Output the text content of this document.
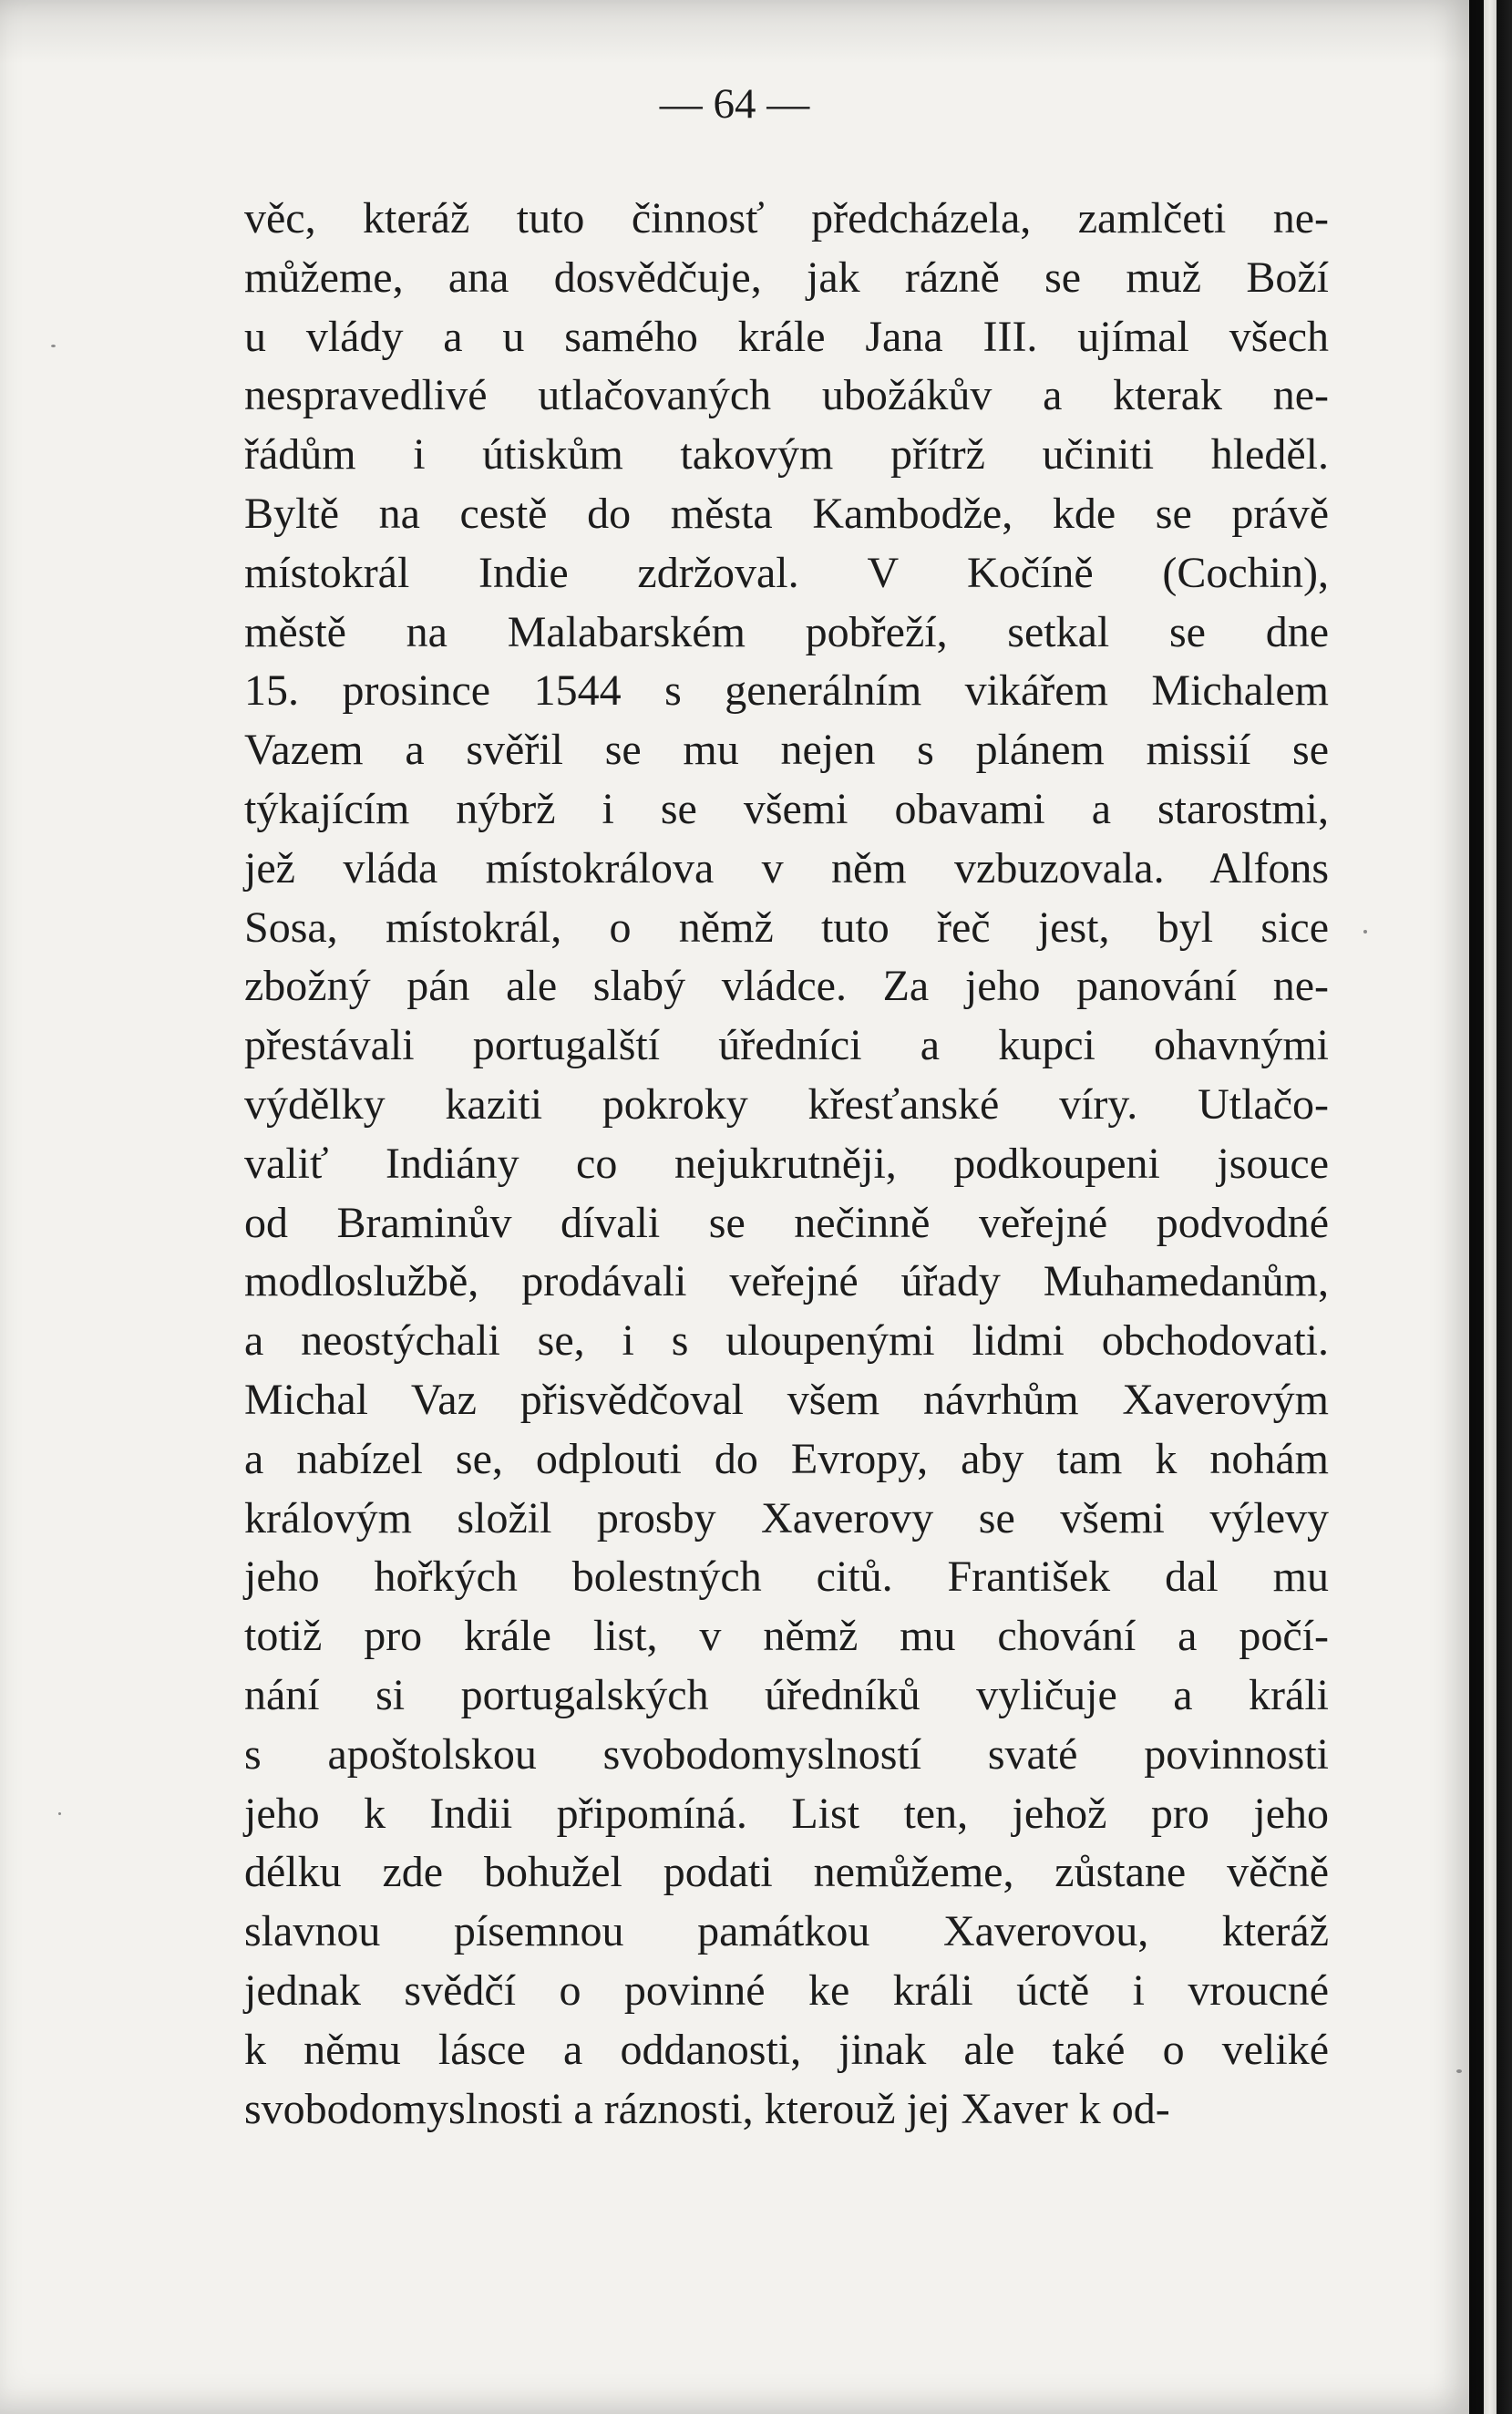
— 64 —
věc, kteráž tuto činnosť předcházela, zamlčeti ne-
můžeme, ana dosvědčuje, jak rázně se muž Boží
u vlády a u samého krále Jana III. ujímal všech
nespravedlivé utlačovaných ubožákův a kterak ne-
řádům i útiskům takovým přítrž učiniti hleděl.
Byltě na cestě do města Kambodže, kde se právě
místokrál Indie zdržoval. V Kočíně (Cochin),
městě na Malabarském pobřeží, setkal se dne
15. prosince 1544 s generálním vikářem Michalem
Vazem a svěřil se mu nejen s plánem missií se
týkajícím nýbrž i se všemi obavami a starostmi,
jež vláda místokrálova v něm vzbuzovala. Alfons
Sosa, místokrál, o němž tuto řeč jest, byl sice
zbožný pán ale slabý vládce. Za jeho panování ne-
přestávali portugalští úředníci a kupci ohavnými
výdělky kaziti pokroky křesťanské víry. Utlačo-
valiť Indiány co nejukrutněji, podkoupeni jsouce
od Braminův dívali se nečinně veřejné podvodné
modloslužbě, prodávali veřejné úřady Muhamedanům,
a neostýchali se, i s uloupenými lidmi obchodovati.
Michal Vaz přisvědčoval všem návrhům Xaverovým
a nabízel se, odplouti do Evropy, aby tam k nohám
královým složil prosby Xaverovy se všemi výlevy
jeho hořkých bolestných citů. František dal mu
totiž pro krále list, v němž mu chování a počí-
nání si portugalských úředníků vyličuje a králi
s apoštolskou svobodomyslností svaté povinnosti
jeho k Indii připomíná. List ten, jehož pro jeho
délku zde bohužel podati nemůžeme, zůstane věčně
slavnou písemnou památkou Xaverovou, kteráž
jednak svědčí o povinné ke králi úctě i vroucné
k němu lásce a oddanosti, jinak ale také o veliké
svobodomyslnosti a ráznosti, kterouž jej Xaver k od-
